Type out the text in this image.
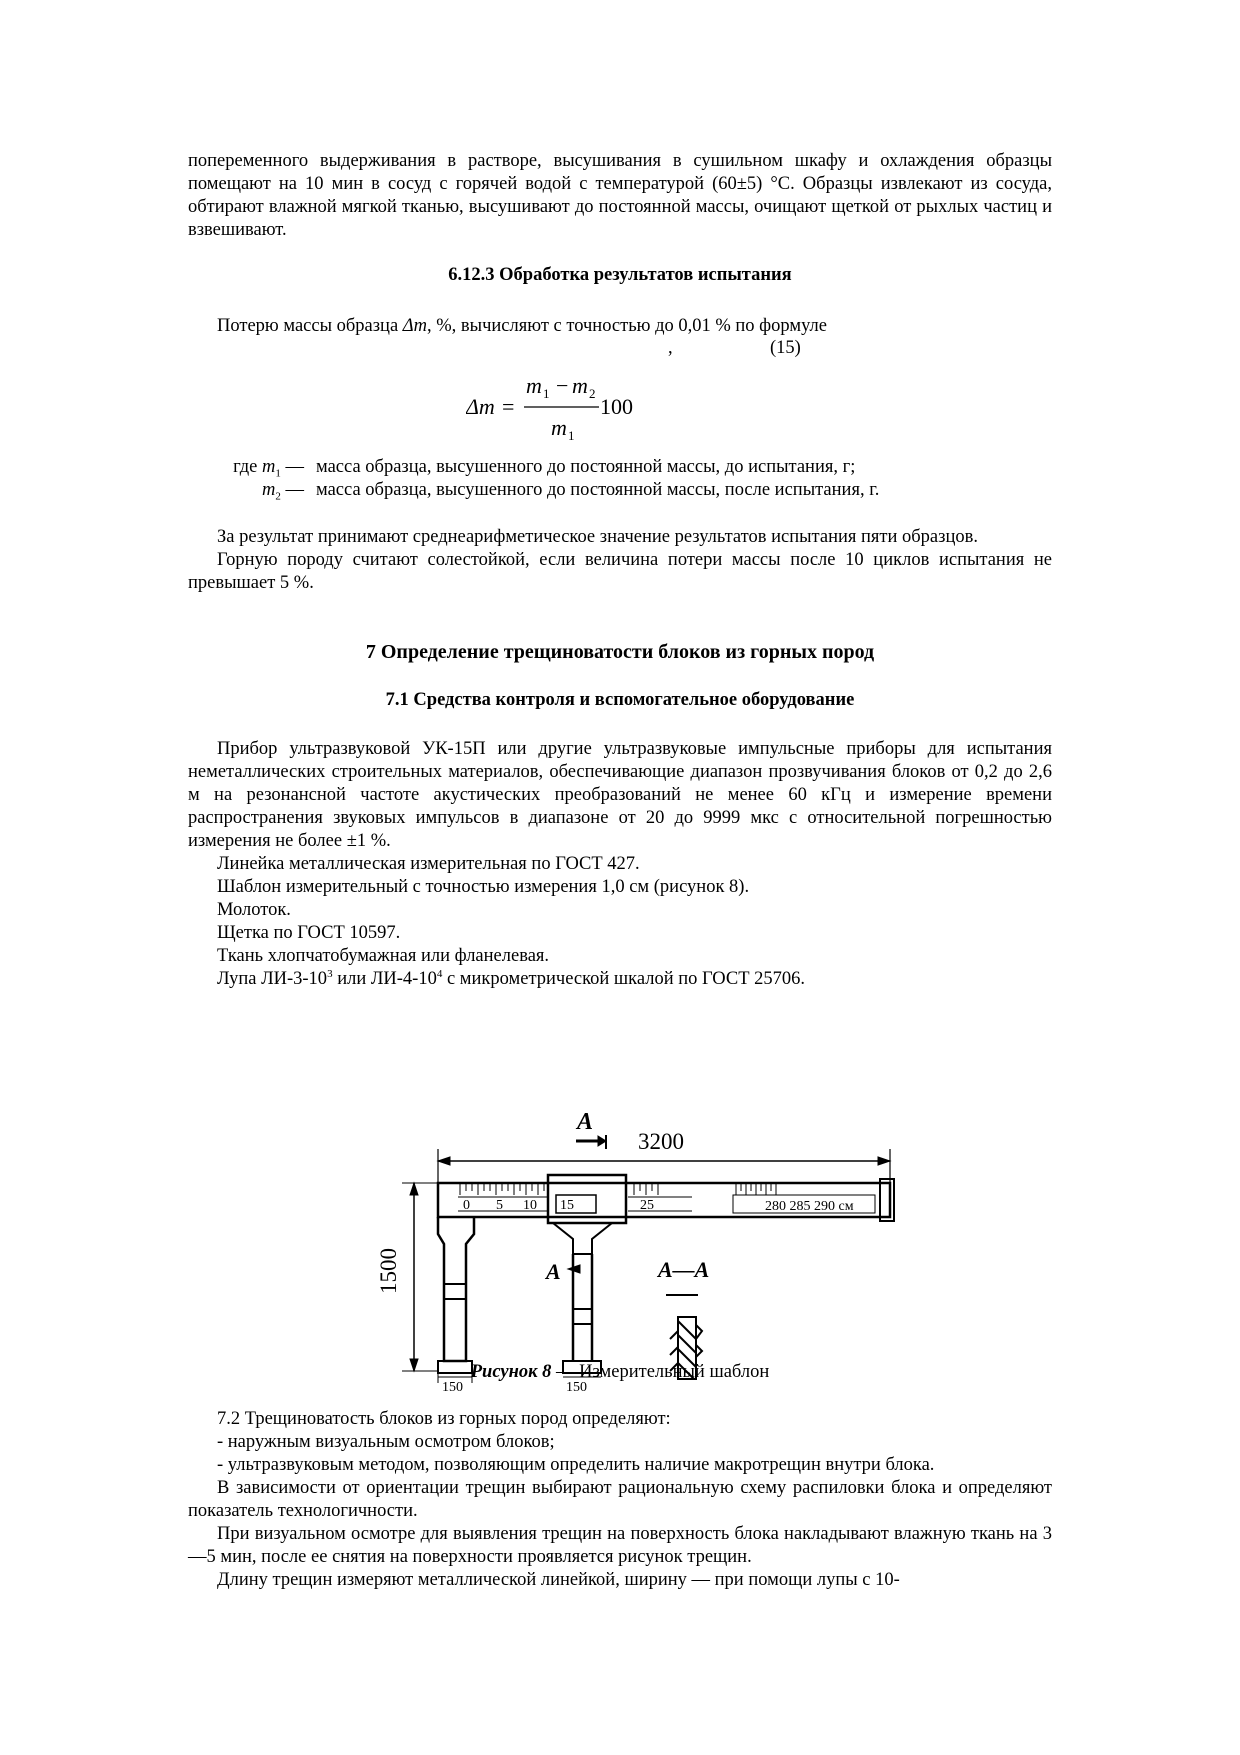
попеременного выдерживания в растворе, высушивания в сушильном шкафу и охлаждения образцы помещают на 10 мин в сосуд с горячей водой с температурой (60±5) °С. Образцы извлекают из сосуда, обтирают влажной мягкой тканью, высушивают до постоянной массы, очищают щеткой от рыхлых частиц и взвешивают.

6.12.3 Обработка результатов испытания

Потерю массы образца Δm, %, вычисляют с точностью до 0,01 % по формуле

,	(15)
Δm =
m 1 − m 2
m 1
100
где $m_1$ — масса образца, высушенного до постоянной массы, до испытания, г;
$m_2$ — масса образца, высушенного до постоянной массы, после испытания, г.

За результат принимают среднеарифметическое значение результатов испытания пяти образцов.

Горную породу считают солестойкой, если величина потери массы после 10 циклов испытания не превышает 5 %.

7 Определение трещиноватости блоков из горных пород
7.1 Средства контроля и вспомогательное оборудование

Прибор ультразвуковой УК-15П или другие ультразвуковые импульсные приборы для испытания неметаллических строительных материалов, обеспечивающие диапазон прозвучивания блоков от 0,2 до 2,6 м на резонансной частоте акустических преобразований не менее 60 кГц и измерение времени распространения звуковых импульсов в диапазоне от 20 до 9999 мкс с относительной погрешностью измерения не более ±1 %.

Линейка металлическая измерительная по ГОСТ 427.

Шаблон измерительный с точностью измерения 1,0 см (рисунок 8).

Молоток.

Щетка по ГОСТ 10597.

Ткань хлопчатобумажная или фланелевая.

Лупа $ЛИ-3-10^3$ или $ЛИ-4-10^4$ с микрометрической шкалой по ГОСТ 25706.

А
3200
0 5 10	25	280 285 290 см
15
1500
150	150
А	А—А
Рисунок 8 — Измерительный шаблон

7.2 Трещиноватость блоков из горных пород определяют:

- наружным визуальным осмотром блоков;

- ультразвуковым методом, позволяющим определить наличие макротрещин внутри блока.

В зависимости от ориентации трещин выбирают рациональную схему распиловки блока и определяют показатель технологичности.

При визуальном осмотре для выявления трещин на поверхность блока накладывают влажную ткань на 3—5 мин, после ее снятия на поверхности проявляется рисунок трещин.

Длину трещин измеряют металлической линейкой, ширину — при помощи лупы с 10-
